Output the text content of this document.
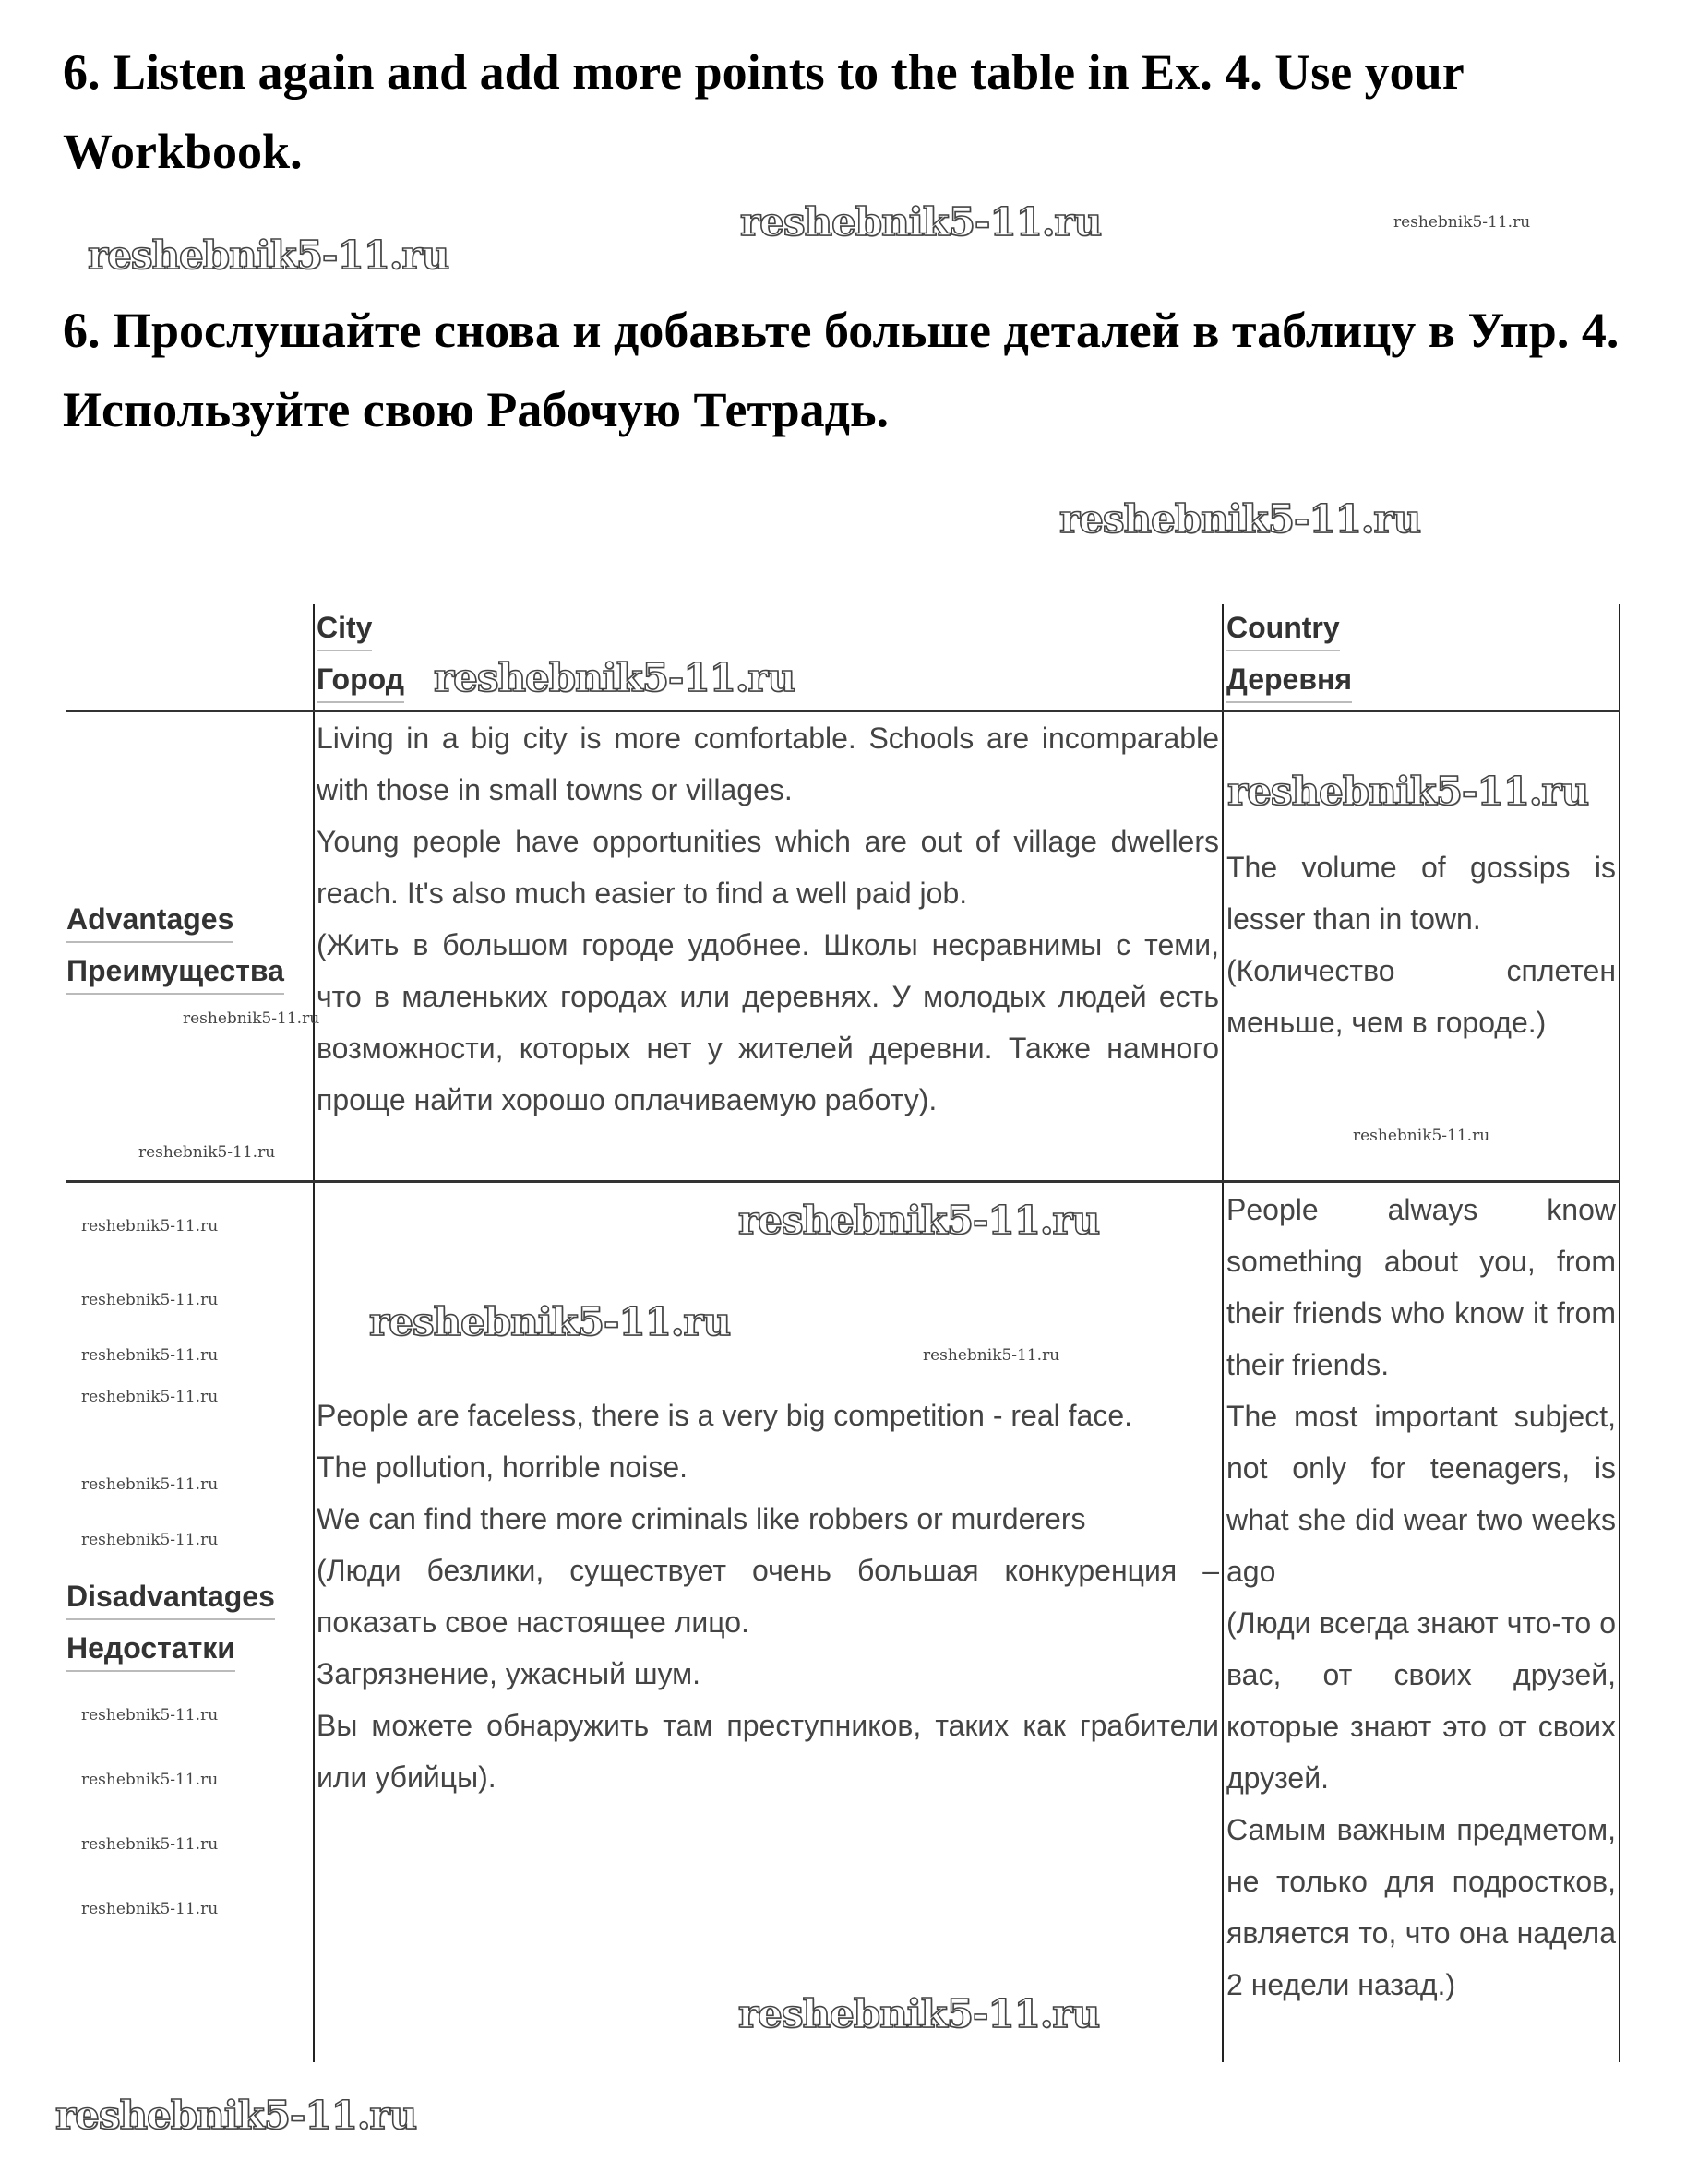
6. Listen again and add more points to the table in Ex. 4. Use your Workbook.
6. Прослушайте снова и добавьте больше деталей в таблицу в Упр. 4. Используйте свою Рабочую Тетрадь.
City
Город
Country
Деревня
Advantages
Преимущества

Living in a big city is more comfortable. Schools are incomparable with those in small towns or villages.

Young people have opportunities which are out of village dwellers reach. It's also much easier to find a well paid job.

(Жить в большом городе удобнее. Школы несравнимы с теми, что в маленьких городах или деревнях. У молодых людей есть возможности, которых нет у жителей деревни. Также намного проще найти хорошо оплачиваемую работу).

The volume of gossips is lesser than in town.

(Количество сплетен меньше, чем в городе.)

Disadvantages
Недостатки

People are faceless, there is a very big competition - real face.

The pollution, horrible noise.

We can find there more criminals like robbers or murderers

(Люди безлики, существует очень большая конкуренция – показать свое настоящее лицо.

Загрязнение, ужасный шум.

Вы можете обнаружить там преступников, таких как грабители или убийцы).

People always know something about you, from their friends who know it from their friends.

The most important subject, not only for teenagers, is what she did wear two weeks ago

(Люди всегда знают что-то о вас, от своих друзей, которые знают это от своих друзей.

Самым важным предметом, не только для подростков, является то, что она надела 2 недели назад.)

reshebnik5-11.ru	reshebnik5-11.ru
reshebnik5-11.ru
reshebnik5-11.ru
reshebnik5-11.ru
reshebnik5-11.ru
reshebnik5-11.ru
reshebnik5-11.ru
reshebnik5-11.ru
reshebnik5-11.ru
reshebnik5-11.ru
reshebnik5-11.ru
reshebnik5-11.ru
reshebnik5-11.ru	reshebnik5-11.ru
reshebnik5-11.ru
reshebnik5-11.ru
reshebnik5-11.ru
reshebnik5-11.ru
reshebnik5-11.ru
reshebnik5-11.ru
reshebnik5-11.ru
reshebnik5-11.ru
reshebnik5-11.ru
